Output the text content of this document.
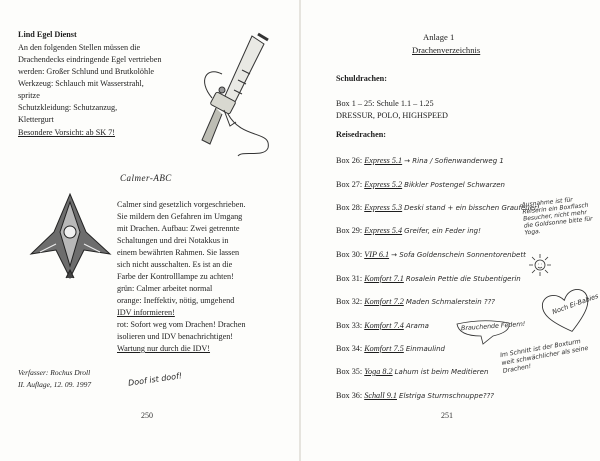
Lind Egel Dienst
An den folgenden Stellen müssen die
Drachendecks eindringende Egel vertrieben
werden: Großer Schlund und Brutkolöhle
Werkzeug: Schlauch mit Wasserstrahl,
spritze
Schutzkleidung: Schutzanzug,
Klettergurt
Besondere Vorsicht: ab SK 7!
Calmer-ABC
Calmer sind gesetzlich vorgeschrieben.
Sie mildern den Gefahren im Umgang
mit Drachen. Aufbau: Zwei getrennte
Schaltungen und drei Notakkus in
einem bewährten Rahmen. Sie lassen
sich nicht ausschalten. Es ist an die
Farbe der Kontrolllampe zu achten!
grün: Calmer arbeitet normal
orange: Ineffektiv, nötig, umgehend
IDV informieren!
rot: Sofort weg vom Drachen! Drachen
isolieren und IDV benachrichtigen!
Wartung nur durch die IDV!
Verfasser: Rochus Droll
II. Auflage, 12. 09. 1997	Doof ist doof!
250
Anlage 1
Drachenverzeichnis
Schuldrachen:
Box 1 – 25: Schule 1.1 – 1.25
DRESSUR, POLO, HIGHSPEED
Reisedrachen:
Box 26: Express 5.1 → Rina / Sofienwanderweg 1
Box 27: Express 5.2 Bikkler Postengel Schwarzen
Box 28: Express 5.3 Deski stand + ein bisschen Graufeuer!
Box 29: Express 5.4 Greifer, ein Feder ing!
Box 30: VIP 6.1 → Sofa Goldenschein Sonnentorenbett
Box 31: Komfort 7.1 Rosalein Pettie die Stubentigerin
Box 32: Komfort 7.2 Maden Schmalerstein ???
Box 33: Komfort 7.4 Arama
Box 34: Komfort 7.5 Einmaulind
Box 35: Yoga 8.2 Lahum ist beim Meditieren
Box 36: Schall 9.1 Elstriga Sturmschnuppe???
Ausnahme ist für Reiserin ein Boxflasch Besucher, nicht mehr die Goldsonne bitte für Yoga.
Noch Ei-Babies
Brauchende Federn!
Im Schnitt ist der Boxturm weit schwächlicher als seine Drachen!
251
